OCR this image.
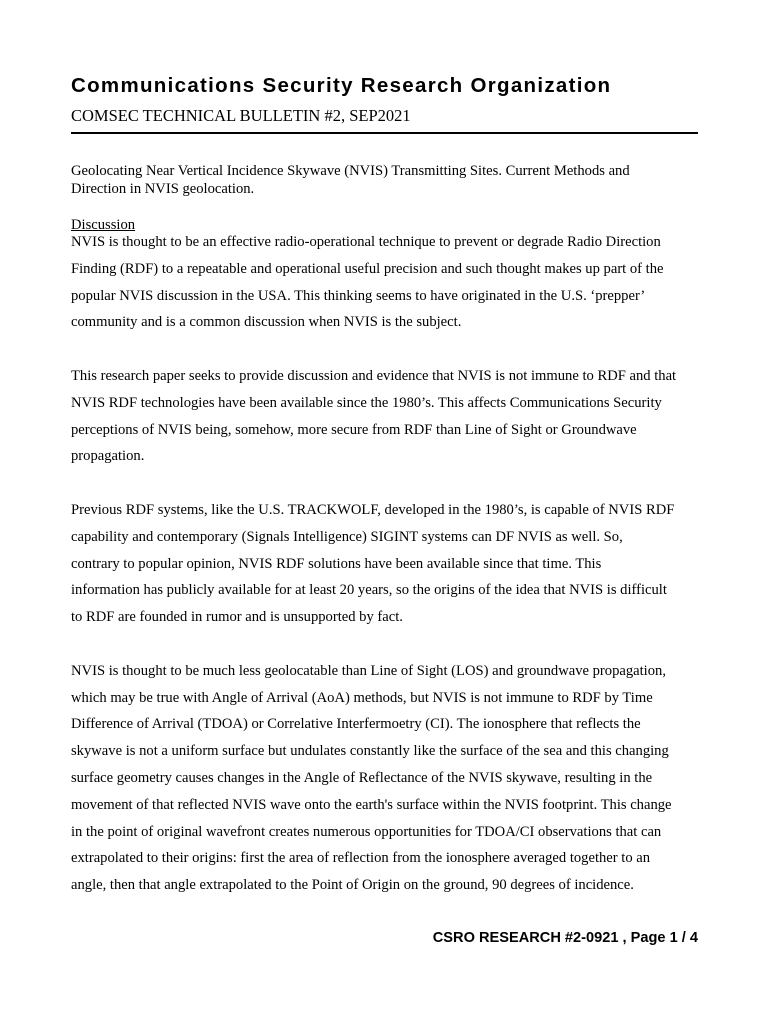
Communications Security Research Organization

COMSEC TECHNICAL BULLETIN #2, SEP2021

Geolocating Near Vertical Incidence Skywave (NVIS) Transmitting Sites. Current Methods and
Direction in NVIS geolocation.

Discussion

NVIS is thought to be an effective radio-operational technique to prevent or degrade Radio Direction
Finding (RDF) to a repeatable and operational useful precision and such thought makes up part of the
popular NVIS discussion in the USA. This thinking seems to have originated in the U.S. ‘prepper’
community and is a common discussion when NVIS is the subject.

This research paper seeks to provide discussion and evidence that NVIS is not immune to RDF and that
NVIS RDF technologies have been available since the 1980’s. This affects Communications Security
perceptions of NVIS being, somehow, more secure from RDF than Line of Sight or Groundwave
propagation.

Previous RDF systems, like the U.S. TRACKWOLF, developed in the 1980’s, is capable of NVIS RDF
capability and contemporary (Signals Intelligence) SIGINT systems can DF NVIS as well. So,
contrary to popular opinion, NVIS RDF solutions have been available since that time. This
information has publicly available for at least 20 years, so the origins of the idea that NVIS is difficult
to RDF are founded in rumor and is unsupported by fact.

NVIS is thought to be much less geolocatable than Line of Sight (LOS) and groundwave propagation,
which may be true with Angle of Arrival (AoA) methods, but NVIS is not immune to RDF by Time
Difference of Arrival (TDOA) or Correlative Interfermoetry (CI). The ionosphere that reflects the
skywave is not a uniform surface but undulates constantly like the surface of the sea and this changing
surface geometry causes changes in the Angle of Reflectance of the NVIS skywave, resulting in the
movement of that reflected NVIS wave onto the earth's surface within the NVIS footprint. This change
in the point of original wavefront creates numerous opportunities for TDOA/CI observations that can
extrapolated to their origins: first the area of reflection from the ionosphere averaged together to an
angle, then that angle extrapolated to the Point of Origin on the ground, 90 degrees of incidence.

CSRO RESEARCH #2-0921 , Page 1 / 4
